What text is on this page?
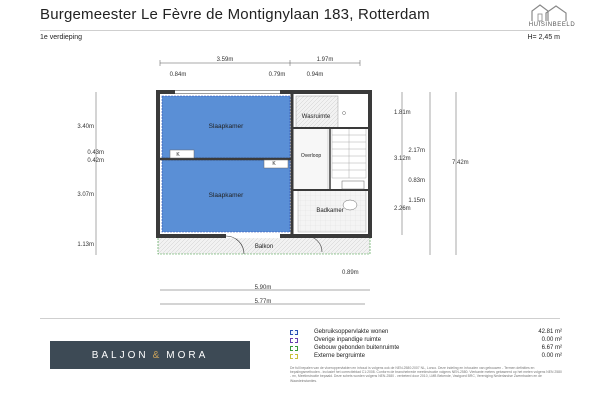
Burgemeester Le Fèvre de Montignylaan 183, Rotterdam
HUISINBEELD
1e verdieping	H= 2,45 m
3.59m	1.97m
0.84m	0.79m	0.94m
3.40m
0.43m
0.42m
3.07m
1.13m
1.81m
2.17m
3.12m
0.83m
1.15m
2.26m
7.42m
5.90m
5.77m
0.89m
Slaapkamer
Slaapkamer
Wasruimte
Overloop
Badkamer
Balkon
K
K
BALJON & MORA
Gebruiksoppervlakte wonen	42.81 m²
Overige inpandige ruimte	0.00 m²
Gebouw gebonden buitenruimte	6.67 m²
Externe bergruimte	0.00 m²
De full bepalen van de vloeroppervlakten en inhoud is volgens ook de NEN-2580:2007 NL, Lonco. Deze indeling en inhouden van gebouwen - Termen definities en bepalingsmethoden - inclusief het correctieblad C1:2008. Conform de branchebrede meetinstructie volgens NEN-2580. Vierkante meters gebaseerd op het meten volgens NEN 2580 - m², Meetinstructie bepaald. Deze schets worden volgens NEN-2580 - verbeterd door 2010, LMB Bekende, Vastgoed BRC, Vereniging Nederlandse Zwembaden en de Waardeinstanties.
